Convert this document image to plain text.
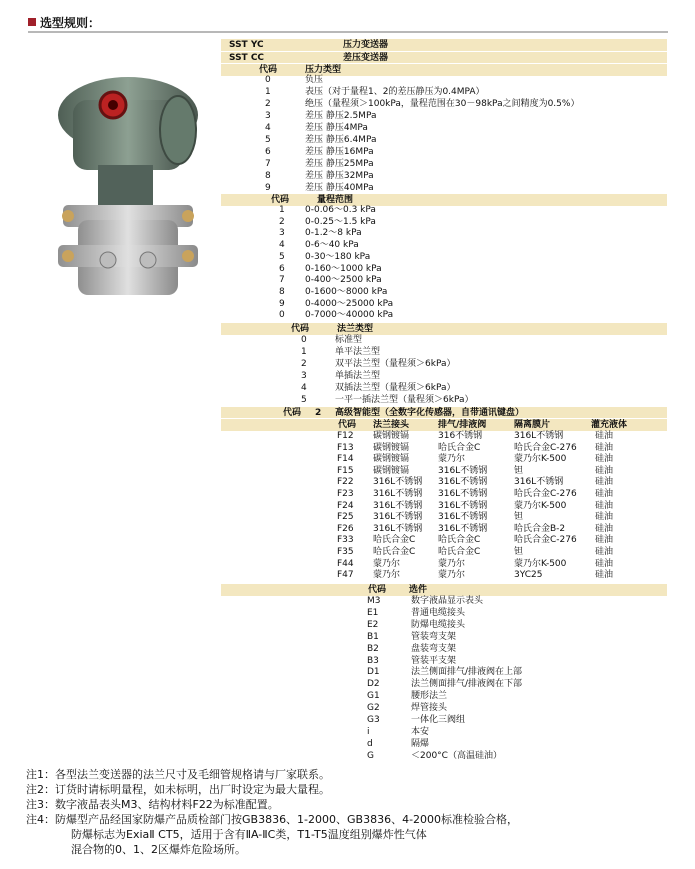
选型规则：
SST YC	压力变送器
SST CC	差压变送器
代码	压力类型
0	负压
1	表压（对于量程1、2的差压静压为0.4MPA）
2	绝压（量程须＞100kPa，量程范围在30－98kPa之间精度为0.5%）
3	差压 静压2.5MPa
4	差压 静压4MPa
5	差压 静压6.4MPa
6	差压 静压16MPa
7	差压 静压25MPa
8	差压 静压32MPa
9	差压 静压40MPa
代码	量程范围
1 0-0.06～0.3 kPa
2 0-0.25～1.5 kPa
3 0-1.2～8 kPa
4 0-6～40 kPa
5 0-30～180 kPa
6 0-160～1000 kPa
7 0-400～2500 kPa
8 0-1600～8000 kPa
9 0-4000～25000 kPa
0 0-7000～40000 kPa
代码	法兰类型
0	标准型
1	单平法兰型
2	双平法兰型（量程须＞6kPa）
3	单插法兰型
4	双插法兰型（量程须＞6kPa）
5	一平一插法兰型（量程须＞6kPa）
代码 2 高级智能型（全数字化传感器，自带通讯键盘）
代码 法兰接头	排气/排液阀	隔离膜片	灌充液体
F12 碳钢镀镉	316不锈钢	316L不锈钢	硅油
F13 碳钢镀镉	哈氏合金C	哈氏合金C-276 硅油
F14 碳钢镀镉	蒙乃尔	蒙乃尔K-500	硅油
F15 碳钢镀镉	316L不锈钢	钽	硅油
F22 316L不锈钢 316L不锈钢	316L不锈钢	硅油
F23 316L不锈钢 316L不锈钢	哈氏合金C-276 硅油
F24 316L不锈钢 316L不锈钢	蒙乃尔K-500	硅油
F25 316L不锈钢 316L不锈钢	钽	硅油
F26 316L不锈钢 316L不锈钢	哈氏合金B-2	硅油
F33 哈氏合金C	哈氏合金C	哈氏合金C-276 硅油
F35 哈氏合金C	哈氏合金C	钽	硅油
F44 蒙乃尔	蒙乃尔	蒙乃尔K-500	硅油
F47 蒙乃尔	蒙乃尔	3YC25	硅油
代码	选件
M3	数字液晶显示表头
E1	普通电缆接头
E2	防爆电缆接头
B1	管装弯支架
B2	盘装弯支架
B3	管装平支架
D1	法兰侧面排气/排液阀在上部
D2	法兰侧面排气/排液阀在下部
G1	腰形法兰
G2	焊管接头
G3	一体化三阀组
i	本安
d	隔爆
G	＜200°C（高温硅油）
注1：各型法兰变送器的法兰尺寸及毛细管规格请与厂家联系。
注2：订货时请标明量程，如未标明，出厂时设定为最大量程。
注3：数字液晶表头M3、结构材料F22为标准配置。
注4：防爆型产品经国家防爆产品质检部门按GB3836、1-2000、GB3836、4-2000标准检验合格，
防爆标志为ExiaⅡ CT5，适用于含有ⅡA-ⅡC类，T1-T5温度组别爆炸性气体
混合物的0、1、2区爆炸危险场所。
